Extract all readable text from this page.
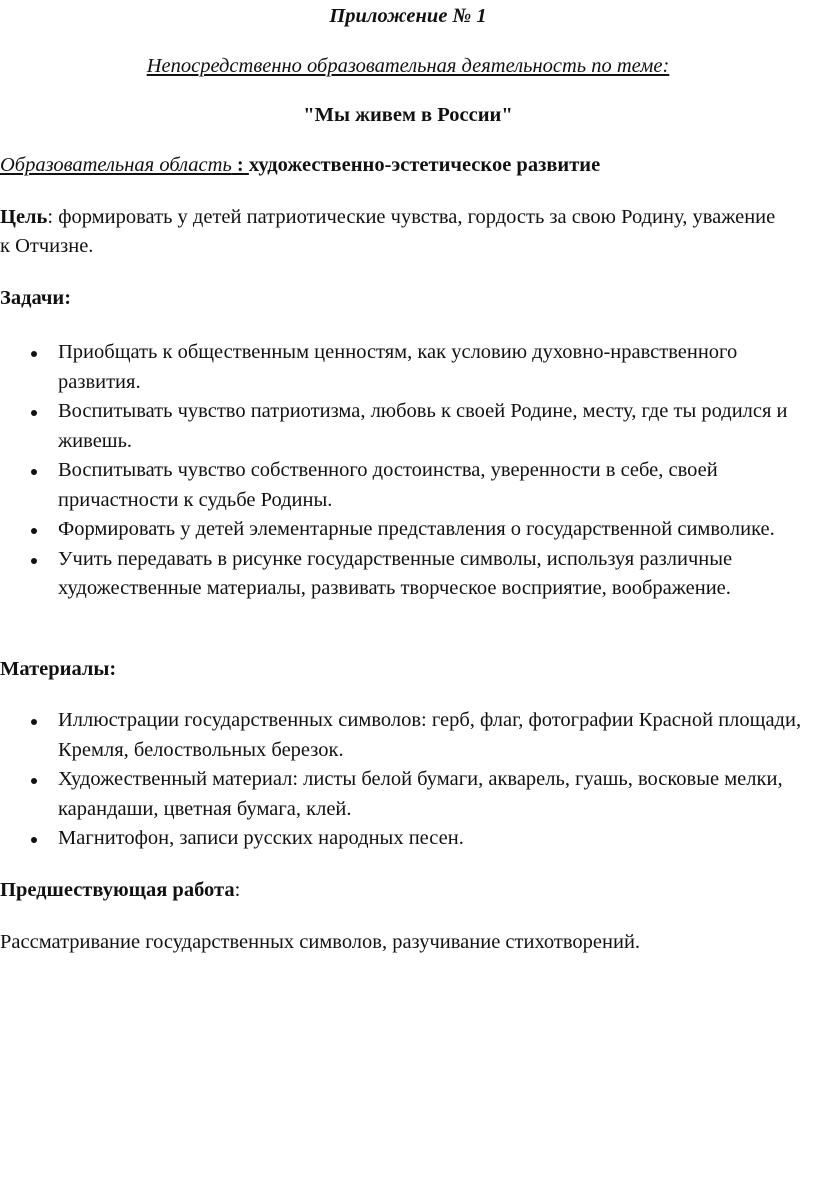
Приложение № 1
Непосредственно образовательная деятельность по теме:
"Мы живем в России"
Образовательная область : художественно-эстетическое развитие
Цель: формировать у детей патриотические чувства, гордость за свою Родину, уважение к Отчизне.
Задачи:
Приобщать к общественным ценностям, как условию духовно-нравственного развития.
Воспитывать чувство патриотизма, любовь к своей Родине, месту, где ты родился и живешь.
Воспитывать чувство собственного достоинства, уверенности в себе, своей причастности к судьбе Родины.
Формировать у детей элементарные представления о государственной символике.
Учить передавать в рисунке государственные символы, используя различные художественные материалы, развивать творческое восприятие, воображение.
Материалы:
Иллюстрации государственных символов: герб, флаг, фотографии Красной площади, Кремля, белоствольных березок.
Художественный материал: листы белой бумаги, акварель, гуашь, восковые мелки, карандаши, цветная бумага, клей.
Магнитофон, записи русских народных песен.
Предшествующая работа:
Рассматривание государственных символов, разучивание стихотворений.
